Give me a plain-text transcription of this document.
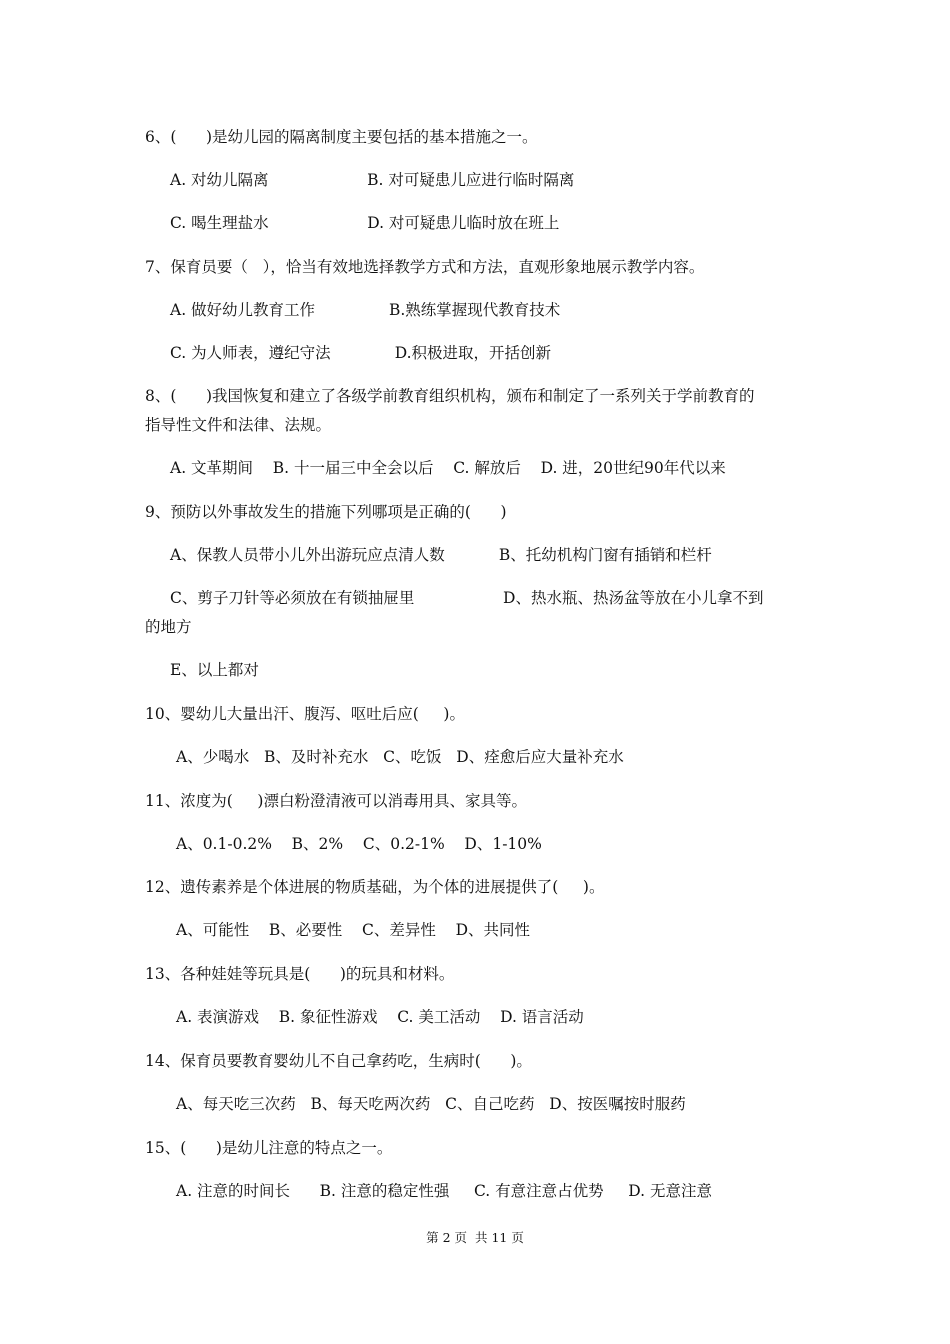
6、(      )是幼儿园的隔离制度主要包括的基本措施之一。

A. 对幼儿隔离                    B. 对可疑患儿应进行临时隔离

C. 喝生理盐水                    D. 对可疑患儿临时放在班上

7、保育员要（   ），恰当有效地选择教学方式和方法，直观形象地展示教学内容。

A. 做好幼儿教育工作               B.熟练掌握现代教育技术

C. 为人师表，遵纪守法             D.积极进取，开括创新

8、(      )我国恢复和建立了各级学前教育组织机构，颁布和制定了一系列关于学前教育的

指导性文件和法律、法规。

A. 文革期间    B. 十一届三中全会以后    C. 解放后    D. 进，20世纪90年代以来

9、预防以外事故发生的措施下列哪项是正确的(      )

A、保教人员带小儿外出游玩应点清人数           B、托幼机构门窗有插销和栏杆

C、剪子刀针等必须放在有锁抽屉里                  D、热水瓶、热汤盆等放在小儿拿不到

的地方

E、以上都对

10、婴幼儿大量出汗、腹泻、呕吐后应(     )。

A、少喝水   B、及时补充水   C、吃饭   D、痊愈后应大量补充水

11、浓度为(     )漂白粉澄清液可以消毒用具、家具等。

A、0.1-0.2%    B、2%    C、0.2-1%    D、1-10%

12、遗传素养是个体进展的物质基础，为个体的进展提供了(     )。

A、可能性    B、必要性    C、差异性    D、共同性

13、各种娃娃等玩具是(      )的玩具和材料。

A. 表演游戏    B. 象征性游戏    C. 美工活动    D. 语言活动

14、保育员要教育婴幼儿不自己拿药吃，生病时(      )。

A、每天吃三次药   B、每天吃两次药   C、自己吃药   D、按医嘱按时服药

15、(      )是幼儿注意的特点之一。

A. 注意的时间长      B. 注意的稳定性强     C. 有意注意占优势     D. 无意注意

第 2 页  共 11 页
